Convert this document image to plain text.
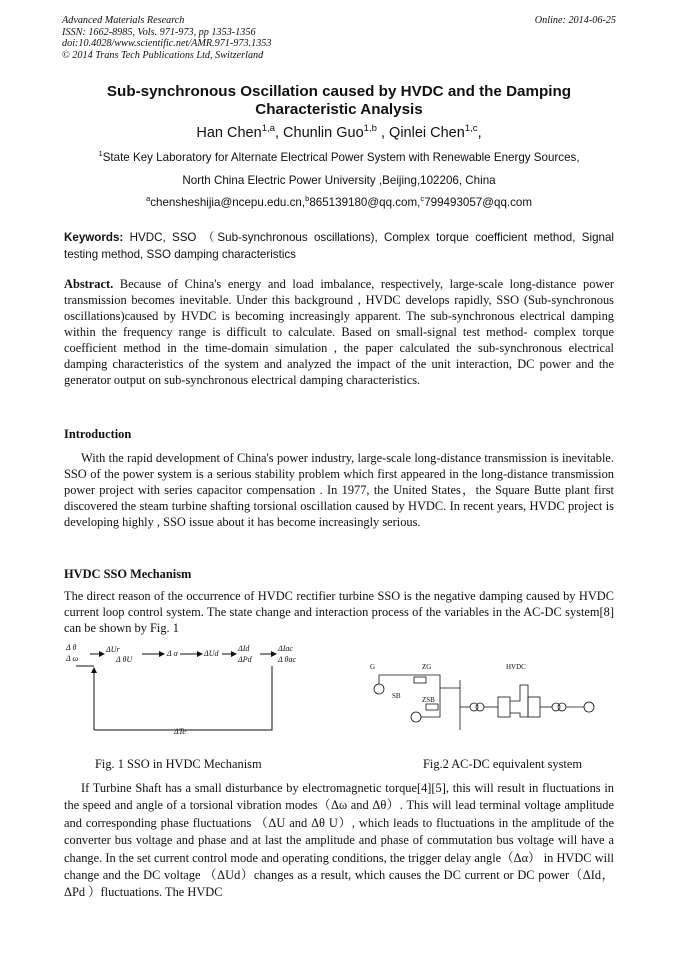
Advanced Materials Research
ISSN: 1662-8985, Vols. 971-973, pp 1353-1356
doi:10.4028/www.scientific.net/AMR.971-973.1353
© 2014 Trans Tech Publications Ltd, Switzerland
Online: 2014-06-25
Sub-synchronous Oscillation caused by HVDC and the Damping
Characteristic Analysis
Han Chen$^{1,a}$, Chunlin Guo$^{1,b}$ , Qinlei Chen$^{1,c}$,
$^1$State Key Laboratory for Alternate Electrical Power System with Renewable Energy Sources,
North China Electric Power University ,Beijing,102206, China
$^a$chensheshijia@ncepu.edu.cn,$^b$865139180@qq.com,$^c$799493057@qq.com
Keywords: HVDC, SSO （Sub-synchronous oscillations), Complex torque coefficient method, Signal testing method, SSO damping characteristics
Abstract. Because of China's energy and load imbalance, respectively, large-scale long-distance power transmission becomes inevitable. Under this background , HVDC develops rapidly, SSO (Sub-synchronous oscillations)caused by HVDC is becoming increasingly apparent. The sub-synchronous electrical damping within the frequency range is difficult to calculate. Based on small-signal test method- complex torque coefficient method in the time-domain simulation , the paper calculated the sub-synchronous electrical damping characteristics of the system and analyzed the impact of the unit interaction, DC power and the generator output on sub-synchronous electrical damping characteristics.
Introduction
With the rapid development of China's power industry, large-scale long-distance transmission is inevitable. SSO of the power system is a serious stability problem which first appeared in the long-distance transmission power project with series capacitor compensation . In 1977, the United States，the Square Butte plant first discovered the steam turbine shafting torsional oscillation caused by HVDC. In recent years, HVDC project is developing highly , SSO issue about it has become increasingly serious.
HVDC SSO Mechanism
The direct reason of the occurrence of HVDC rectifier turbine SSO is the negative damping caused by HVDC current loop control system. The state change and interaction process of the variables in the AC-DC system[8] can be shown by Fig. 1
Δ θ
Δ ω
ΔUr
Δ θU
Δ α	ΔUd
ΔId
ΔPd
ΔIac
Δ θac
ΔTe
G	ZG
SB	ZSB
HVDC
Fig. 1 SSO in HVDC Mechanism	Fig.2 AC-DC equivalent system
If Turbine Shaft has a small disturbance by electromagnetic torque[4][5], this will result in fluctuations in the speed and angle of a torsional vibration modes（Δω and Δθ）. This will lead terminal voltage amplitude and corresponding phase fluctuations （ΔU and Δθ U）, which leads to fluctuations in the amplitude of the converter bus voltage and phase and at last the amplitude and phase of commutation bus voltage will have a change. In the set current control mode and operating conditions, the trigger delay angle（Δα） in HVDC will change and the DC voltage （ΔUd）changes as a result, which causes the DC current or DC power（ΔId， ΔPd ）fluctuations. The HVDC
